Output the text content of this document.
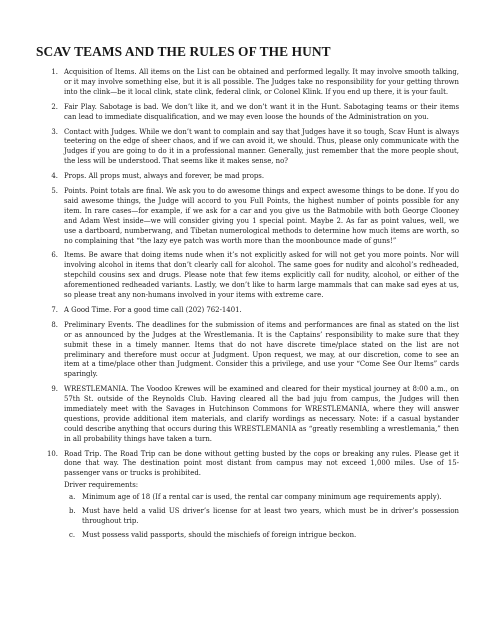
SCAV TEAMS AND THE RULES OF THE HUNT
1. Acquisition of Items. All items on the List can be obtained and performed legally. It may involve smooth talking, or it may involve something else, but it is all possible. The Judges take no responsibility for your getting thrown into the clink—be it local clink, state clink, federal clink, or Colonel Klink. If you end up there, it is your fault.
2. Fair Play. Sabotage is bad. We don’t like it, and we don’t want it in the Hunt. Sabotaging teams or their items can lead to immediate disqualification, and we may even loose the hounds of the Administration on you.
3. Contact with Judges. While we don’t want to complain and say that Judges have it so tough, Scav Hunt is always teetering on the edge of sheer chaos, and if we can avoid it, we should. Thus, please only communicate with the Judges if you are going to do it in a professional manner. Generally, just remember that the more people shout, the less will be understood. That seems like it makes sense, no?
4. Props. All props must, always and forever, be mad props.
5. Points. Point totals are final. We ask you to do awesome things and expect awesome things to be done. If you do said awesome things, the Judge will accord to you Full Points, the highest number of points possible for any item. In rare cases—for example, if we ask for a car and you give us the Batmobile with both George Clooney and Adam West inside—we will consider giving you 1 special point. Maybe 2. As far as point values, well, we use a dartboard, numberwang, and Tibetan numerological methods to determine how much items are worth, so no complaining that “the lazy eye patch was worth more than the moonbounce made of guns!”
6. Items. Be aware that doing items nude when it’s not explicitly asked for will not get you more points. Nor will involving alcohol in items that don’t clearly call for alcohol. The same goes for nudity and alcohol’s redheaded, stepchild cousins sex and drugs. Please note that few items explicitly call for nudity, alcohol, or either of the aforementioned redheaded variants. Lastly, we don’t like to harm large mammals that can make sad eyes at us, so please treat any non-humans involved in your items with extreme care.
7. A Good Time. For a good time call (202) 762-1401.
8. Preliminary Events. The deadlines for the submission of items and performances are final as stated on the list or as announced by the Judges at the Wrestlemania. It is the Captains’ responsibility to make sure that they submit these in a timely manner. Items that do not have discrete time/place stated on the list are not preliminary and therefore must occur at Judgment. Upon request, we may, at our discretion, come to see an item at a time/place other than Judgment. Consider this a privilege, and use your “Come See Our Items” cards sparingly.
9. WRESTLEMANIA. The Voodoo Krewes will be examined and cleared for their mystical journey at 8:00 a.m., on 57th St. outside of the Reynolds Club. Having cleared all the bad juju from campus, the Judges will then immediately meet with the Savages in Hutchinson Commons for WRESTLEMANIA, where they will answer questions, provide additional item materials, and clarify wordings as necessary. Note: if a casual bystander could describe anything that occurs during this WRESTLEMANIA as “greatly resembling a wrestlemania,” then in all probability things have taken a turn.
10. Road Trip. The Road Trip can be done without getting busted by the cops or breaking any rules. Please get it done that way. The destination point most distant from campus may not exceed 1,000 miles. Use of 15-passenger vans or trucks is prohibited.
Driver requirements:
a. Minimum age of 18 (If a rental car is used, the rental car company minimum age requirements apply).
b. Must have held a valid US driver’s license for at least two years, which must be in driver’s possession throughout trip.
c. Must possess valid passports, should the mischiefs of foreign intrigue beckon.
